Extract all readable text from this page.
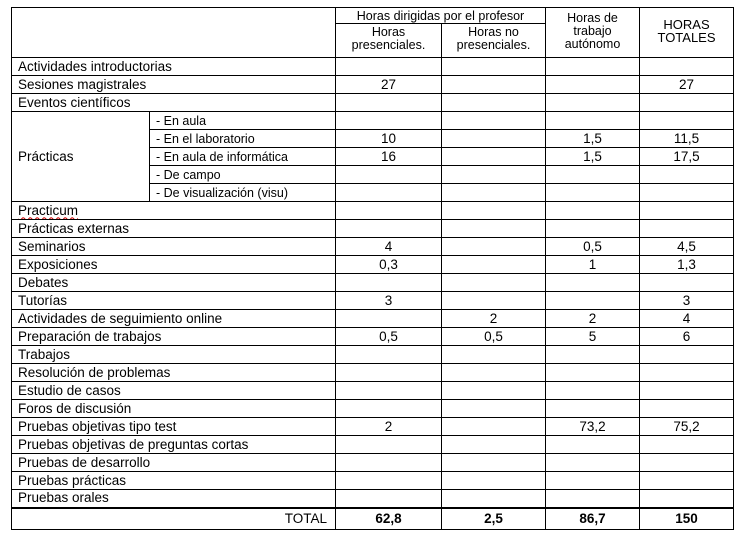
		Horas dirigidas por el profesor		Horas de trabajo autónomo	HORAS TOTALES
		Horas presenciales.	Horas no presenciales.		
Actividades introductorias					
Sesiones magistrales		27			27
Eventos científicos					
Prácticas	- En aula				
	- En el laboratorio	10		1,5	11,5
	- En aula de informática	16		1,5	17,5
	- De campo				
	- De visualización (visu)				
Practicum					
Prácticas externas					
Seminarios		4		0,5	4,5
Exposiciones		0,3		1	1,3
Debates					
Tutorías		3			3
Actividades de seguimiento online			2	2	4
Preparación de trabajos		0,5	0,5	5	6
Trabajos					
Resolución de problemas					
Estudio de casos					
Foros de discusión					
Pruebas objetivas tipo test		2		73,2	75,2
Pruebas objetivas de preguntas cortas					
Pruebas de desarrollo					
Pruebas prácticas					
Pruebas orales					
TOTAL		62,8	2,5	86,7	150
